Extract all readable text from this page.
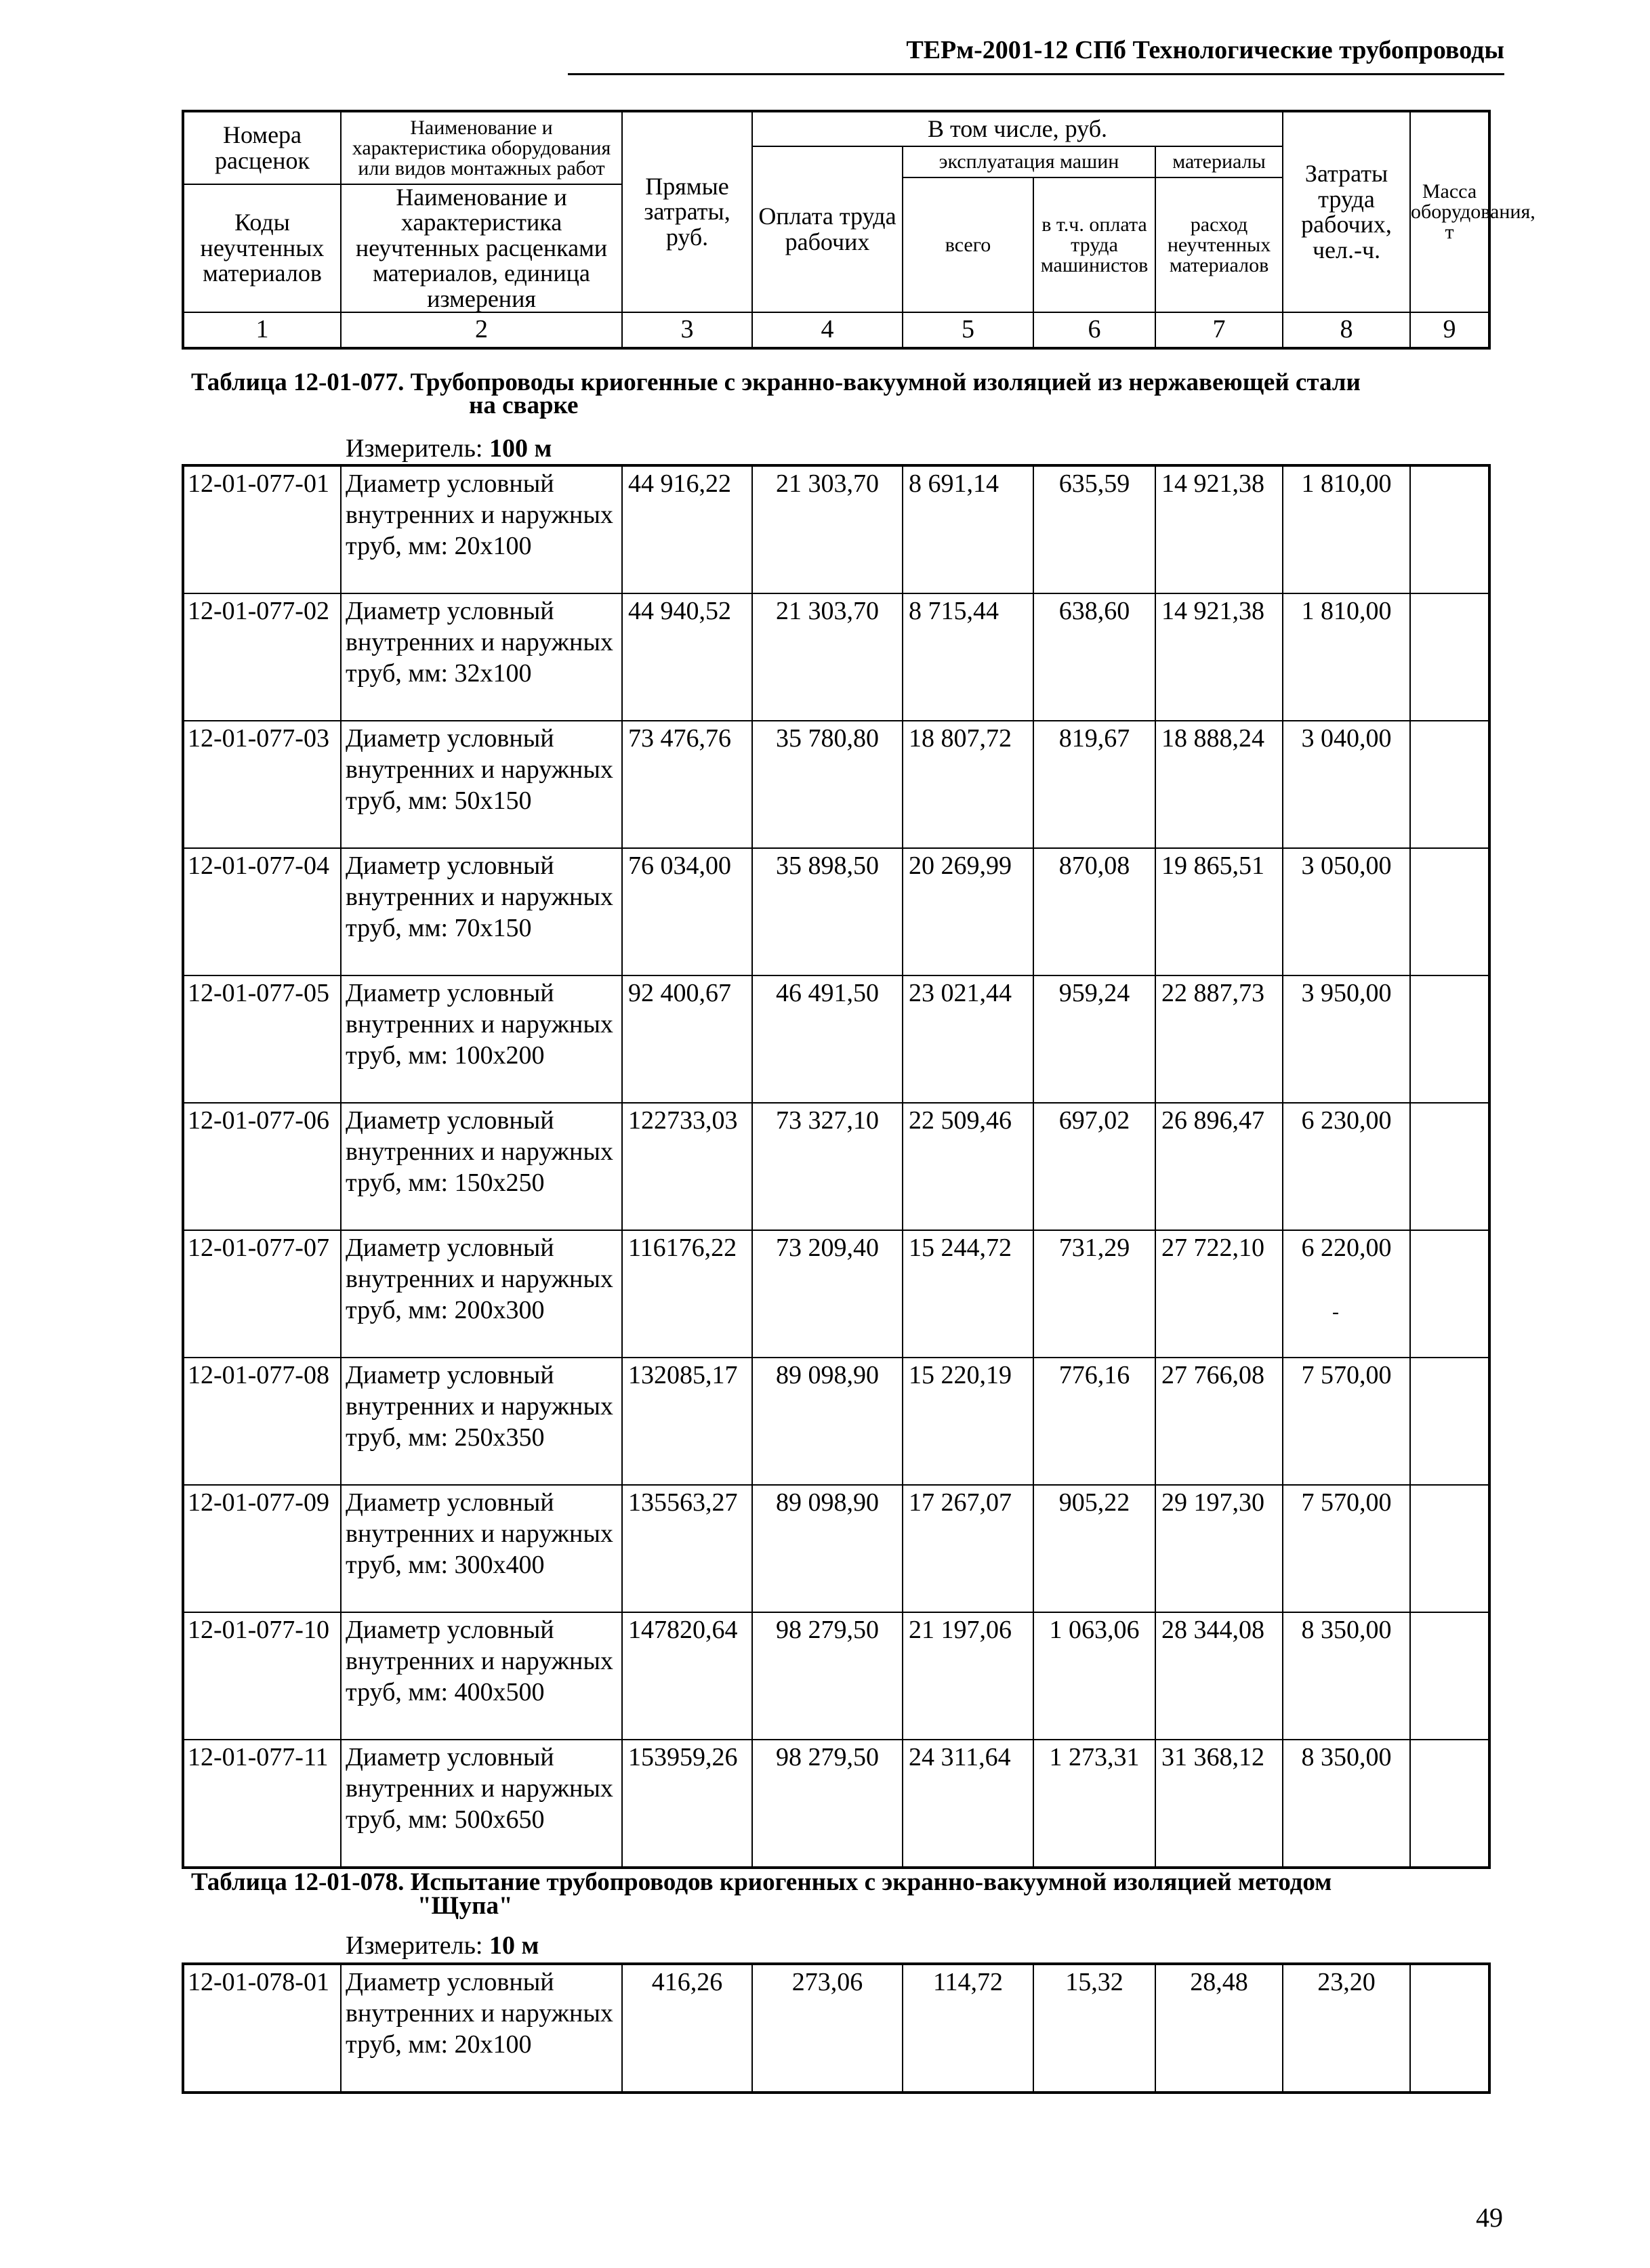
ТЕРм-2001-12 СПб Технологические трубопроводы
Номера расценок	Наименование и характеристика оборудования или видов монтажных работ	Прямые затраты, руб.	В том числе, руб.				Затраты труда рабочих, чел.-ч.	Масса оборудования, т
			Оплата труда рабочих	эксплуатация машин		материалы		
				всего	в т.ч. оплата труда машинистов	расход неучтенных материалов		
Коды неучтенных материалов	Наименование и характеристика неучтенных расценками материалов, единица измерения							

1	2	3	4	5	6	7	8	9
Таблица 12-01-077. Трубопроводы криогенные с экранно-вакуумной изоляцией из нержавеющей стали
на сварке
Измеритель: 100 м
12-01-077-01	Диаметр условный внутренних и наружных труб, мм: 20x100	44 916,22	21 303,70	8 691,14	635,59	14 921,38	1 810,00	
12-01-077-02	Диаметр условный внутренних и наружных труб, мм: 32x100	44 940,52	21 303,70	8 715,44	638,60	14 921,38	1 810,00	
12-01-077-03	Диаметр условный внутренних и наружных труб, мм: 50x150	73 476,76	35 780,80	18 807,72	819,67	18 888,24	3 040,00	
12-01-077-04	Диаметр условный внутренних и наружных труб, мм: 70x150	76 034,00	35 898,50	20 269,99	870,08	19 865,51	3 050,00	
12-01-077-05	Диаметр условный внутренних и наружных труб, мм: 100x200	92 400,67	46 491,50	23 021,44	959,24	22 887,73	3 950,00	
12-01-077-06	Диаметр условный внутренних и наружных труб, мм: 150x250	122733,03	73 327,10	22 509,46	697,02	26 896,47	6 230,00	
12-01-077-07	Диаметр условный внутренних и наружных труб, мм: 200x300	116176,22	73 209,40	15 244,72	731,29	27 722,10	6 220,00	
12-01-077-08	Диаметр условный внутренних и наружных труб, мм: 250x350	132085,17	89 098,90	15 220,19	776,16	27 766,08	7 570,00	
12-01-077-09	Диаметр условный внутренних и наружных труб, мм: 300x400	135563,27	89 098,90	17 267,07	905,22	29 197,30	7 570,00	
12-01-077-10	Диаметр условный внутренних и наружных труб, мм: 400x500	147820,64	98 279,50	21 197,06	1 063,06	28 344,08	8 350,00	
12-01-077-11	Диаметр условный внутренних и наружных труб, мм: 500x650	153959,26	98 279,50	24 311,64	1 273,31	31 368,12	8 350,00	
Таблица 12-01-078. Испытание трубопроводов криогенных с экранно-вакуумной изоляцией методом
"Щупа"
Измеритель: 10 м
12-01-078-01	Диаметр условный внутренних и наружных труб, мм: 20x100	416,26	273,06	114,72	15,32	28,48	23,20	
-
49
